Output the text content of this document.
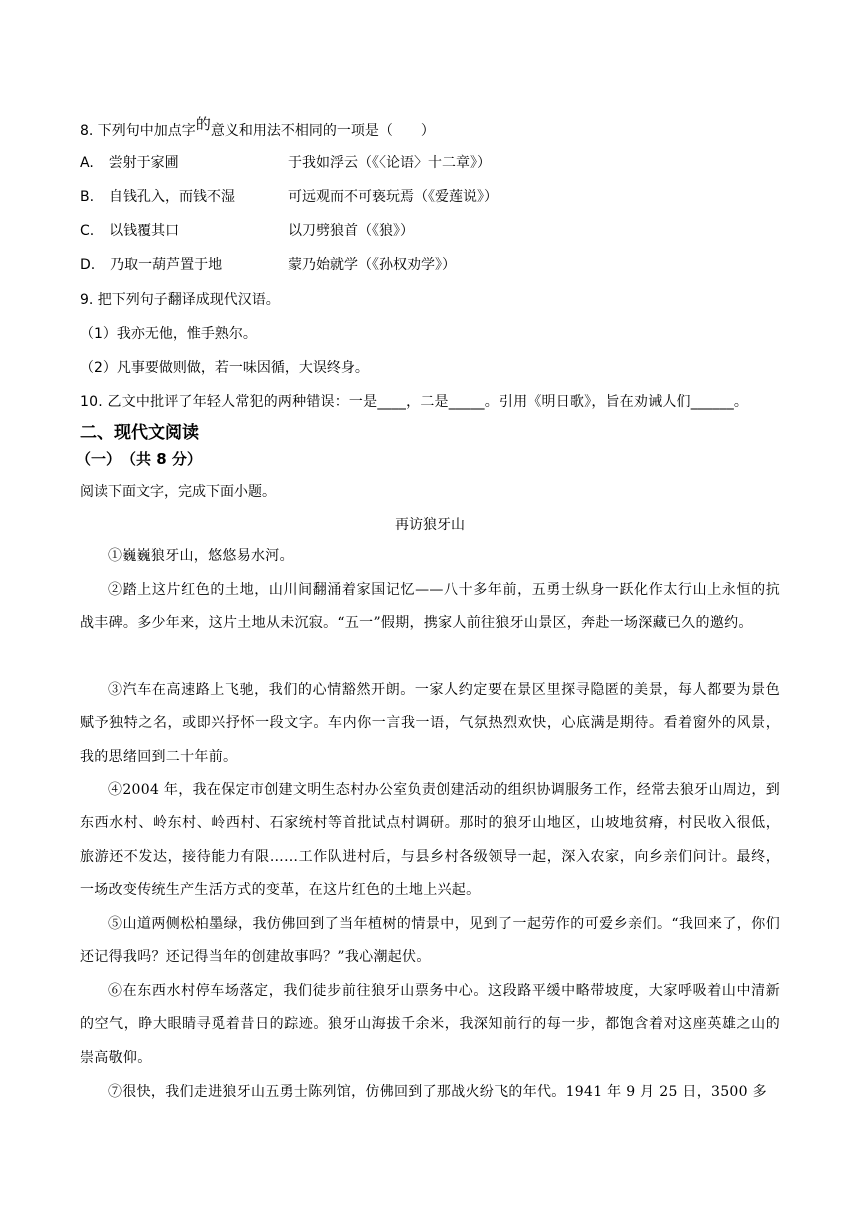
8. 下列句中加点字的意义和用法不相同的一项是（　　）
A. 尝射于家圃	于我如浮云（《〈论语〉十二章》）
B. 自钱孔入，而钱不湿	可远观而不可亵玩焉（《爱莲说》）
C. 以钱覆其口	以刀劈狼首（《狼》）
D. 乃取一葫芦置于地	蒙乃始就学（《孙权劝学》）
9. 把下列句子翻译成现代汉语。
（1）我亦无他，惟手熟尔。
（2）凡事要做则做，若一味因循，大误终身。
10. 乙文中批评了年轻人常犯的两种错误：一是____，二是_____。引用《明日歌》，旨在劝诫人们______。
二、现代文阅读
（一）　（共 8 分）
阅读下面文字，完成下面小题。
再访狼牙山
①巍巍狼牙山，悠悠易水河。
②踏上这片红色的土地，山川间翻涌着家国记忆——八十多年前，五勇士纵身一跃化作太行山上永恒的抗战丰碑。多少年来，这片土地从未沉寂。“五一”假期，携家人前往狼牙山景区，奔赴一场深藏已久的邀约。
③汽车在高速路上飞驰，我们的心情豁然开朗。一家人约定要在景区里探寻隐匿的美景，每人都要为景色赋予独特之名，或即兴抒怀一段文字。车内你一言我一语，气氛热烈欢快，心底满是期待。看着窗外的风景，我的思绪回到二十年前。
④2004 年，我在保定市创建文明生态村办公室负责创建活动的组织协调服务工作，经常去狼牙山周边，到东西水村、岭东村、岭西村、石家统村等首批试点村调研。那时的狼牙山地区，山坡地贫瘠，村民收入很低，旅游还不发达，接待能力有限……工作队进村后，与县乡村各级领导一起，深入农家，向乡亲们问计。最终，一场改变传统生产生活方式的变革，在这片红色的土地上兴起。
⑤山道两侧松柏墨绿，我仿佛回到了当年植树的情景中，见到了一起劳作的可爱乡亲们。“我回来了，你们还记得我吗？还记得当年的创建故事吗？”我心潮起伏。
⑥在东西水村停车场落定，我们徒步前往狼牙山票务中心。这段路平缓中略带坡度，大家呼吸着山中清新的空气，睁大眼睛寻觅着昔日的踪迹。狼牙山海拔千余米，我深知前行的每一步，都饱含着对这座英雄之山的崇高敬仰。
⑦很快，我们走进狼牙山五勇士陈列馆，仿佛回到了那战火纷飞的年代。1941 年 9 月 25 日，3500 多
